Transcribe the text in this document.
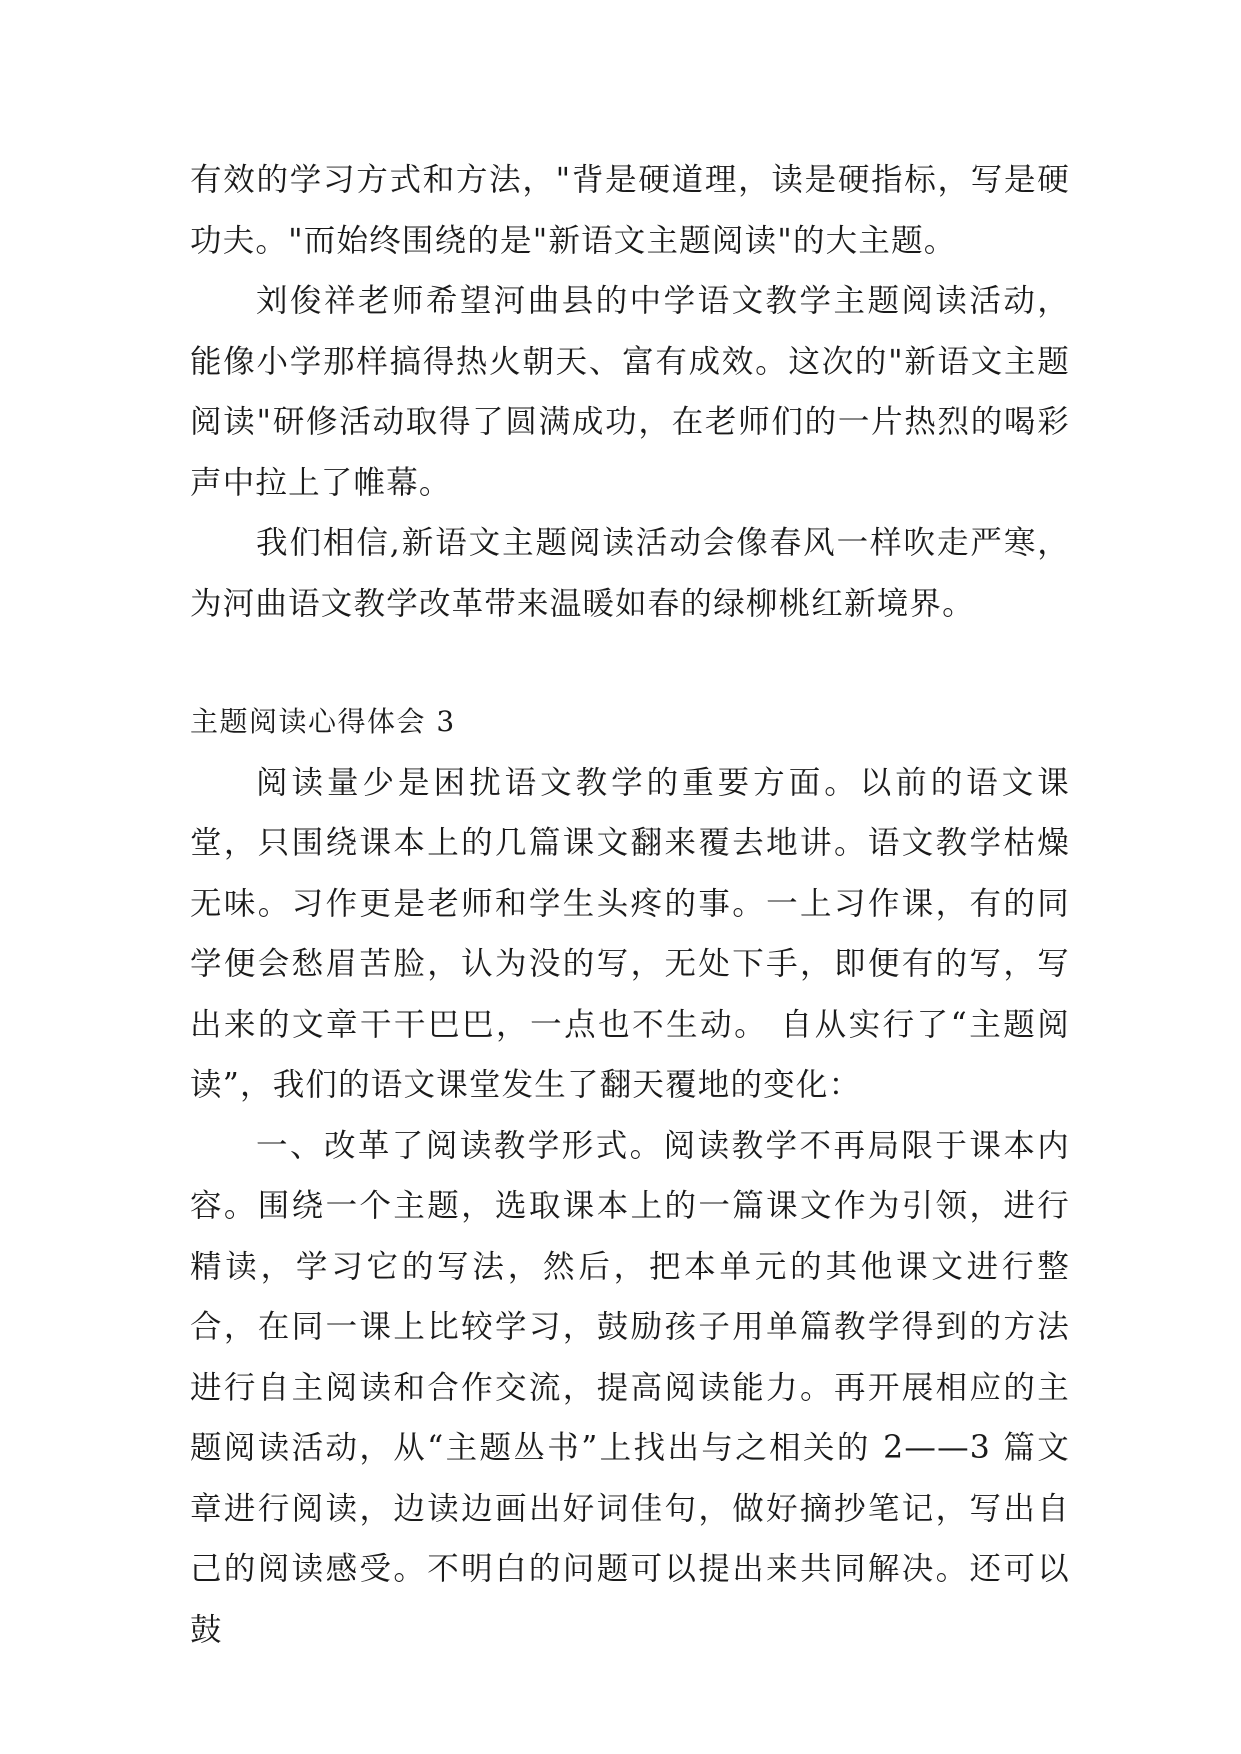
有效的学习方式和方法，"背是硬道理，读是硬指标，写是硬功夫。"而始终围绕的是"新语文主题阅读"的大主题。

刘俊祥老师希望河曲县的中学语文教学主题阅读活动，能像小学那样搞得热火朝天、富有成效。这次的"新语文主题阅读"研修活动取得了圆满成功，在老师们的一片热烈的喝彩声中拉上了帷幕。

我们相信,新语文主题阅读活动会像春风一样吹走严寒，为河曲语文教学改革带来温暖如春的绿柳桃红新境界。

主题阅读心得体会 3

阅读量少是困扰语文教学的重要方面。以前的语文课堂，只围绕课本上的几篇课文翻来覆去地讲。语文教学枯燥无味。习作更是老师和学生头疼的事。一上习作课，有的同学便会愁眉苦脸，认为没的写，无处下手，即便有的写，写出来的文章干干巴巴，一点也不生动。 自从实行了“主题阅读”，我们的语文课堂发生了翻天覆地的变化：

一、改革了阅读教学形式。阅读教学不再局限于课本内容。围绕一个主题，选取课本上的一篇课文作为引领，进行精读，学习它的写法，然后，把本单元的其他课文进行整合，在同一课上比较学习，鼓励孩子用单篇教学得到的方法进行自主阅读和合作交流，提高阅读能力。再开展相应的主题阅读活动，从“主题丛书”上找出与之相关的 2——3 篇文章进行阅读，边读边画出好词佳句，做好摘抄笔记，写出自己的阅读感受。不明白的问题可以提出来共同解决。还可以鼓
